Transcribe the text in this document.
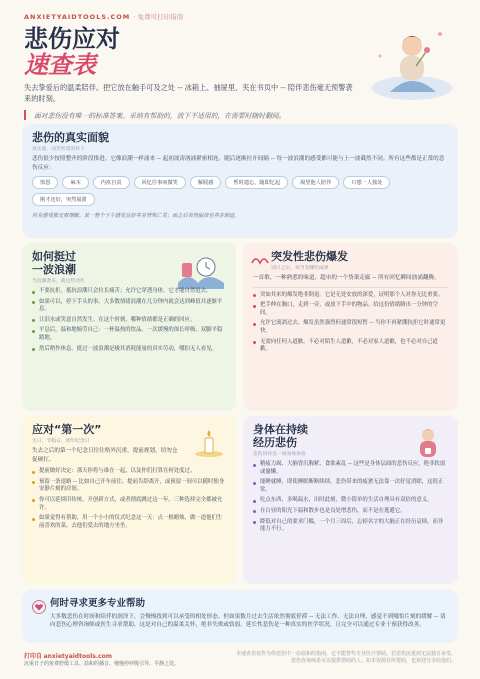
ANXIETYAIDTOOLS.COM · 免费可打印指南
悲伤应对
速查表
失去挚爱后的温柔陪伴。把它放在触手可及之处 -- 冰箱上、抽屉里、夹在书页中 -- 陪伴悲伤毫无预警袭来的时刻。
面对悲伤没有唯一的标准答案。采纳有帮助的，放下不适用的，在需要时随时翻阅。
悲伤的真实面貌
真实面，而非所需的样子
悲伤很少按照整齐的阶段推进。它像浪潮一样涌来 -- 起初波涛汹涌紧密相连，随后逐渐拉开间隔 -- 每一波浪潮的感受都可能与上一波截然不同。所有这些都是正常的悲伤反应：
愤怒	麻木	内疚自责	回忆往事而微笑	解脱感	暂时遗忘，随即忆起	渴望他人陪伴	只想一人独处
刚才还好，突然崩溃
所有感受都无需理解。某一整个下午感觉良好并非背叛亡灵；而之后突然崩溃也并非倒退。
如何挺过
一波浪潮
当浪潮袭来，就这些动作
不要抗拒。抵抗浪潮只会拉长痛苦；允许它穿透身体，它才能自然退去。
如果可以，停下手头的事。大多数情绪浪潮在几分钟内就会达到峰值并逐渐平息。
让泪水或笑意自然发生。在这个时刻，哪种情绪都是正确的回应。
平息后，温和地犒劳自己：一杯温热的饮品、一次缓慢的深长呼吸、双脚平稳踏地。
然后稍作休息。挺过一波浪潮是极其消耗能量的真实劳动，哪怕无人看见。
突发性悲伤爆发
别只之后，该当有哪些成果
一首歌、一种熟悉的味道、超市的一个货架走廊 -- 所有回忆瞬间汹涌翻腾。
突如其来的爆发绝非倒退。它是无处安放的深爱，证明那个人对你无比重要。
把手伸在胸口，走到一旁，或放下手中的物品。给这份情绪腾出一分钟的空间。
允许它流淌过去。爆发虽然强烈但通常很短暂 -- 当你不再紧绷抗拒它时通常更快。
无需向任何人道歉。不必对陌生人道歉，不必对家人道歉，也不必对自己道歉。
应对“第一次”
生日、节假日、周年纪念日
失去之后的第一个纪念日往往格外沉重。提前规划，切勿仓促硬扛。
提前做好决定：那天你将与谁在一起，以及你们打算在何处度过。
预留一条退路 -- 比如自己开车前往、提前告辞离开，或预留一间可以随时独身安静片刻的房间。
你可以延续旧传统、开创新方式，或者彻底跳过这一年。三种选择完全都被允许。
如果觉得有帮助，用一个小小的仪式纪念这一天：点一根蜡烛、做一道他们生前喜欢的菜，去他们爱去的地方坐坐。
身体在持续
经历悲伤
悲伤同样是一场身体体验
精疲力竭、大脑昏沉胸紧、食欲紊乱 -- 这些是身体层面的悲伤反应，绝非软弱或偷懒。
能睡就睡，即使睡眠断断续续。悲伤带来的疲惫无法靠一次好觉消除，这很正常。
吃点东西，多喝温水，出时此刻，微小简单的生活自理具有双倍的意义。
在白昼的阳光下温和散步也是良处增悲伤，而不是在逃避它。
降低对自己的要求门槛，一个月三周后，忘掉名字的大脑正在经历哀恸，而非能力不行。
何时寻求更多专业帮助
大多数悲伤在时间和陪伴的润泽下，会慢慢找到可以承受的相处形态。但如果数月过去生活依然彻底停滞 -- 无法工作、无法自理、感觉不到哪怕片刻的缓解 -- 请向悲伤心理咨询师或医生寻求帮助。这是对自己的温柔关怀，绝非失败或软弱。延长性悲伤是一种真实的医学状况，且完全可以通过专业干预获得改善。
打印自 anxietyaidtools.com
沉重日子的免费舒缓工具、温和的播音、慢慢停呼吸引导、平静之处。
本速查表仅作为你悲伤中一份温和的指南，它不能替代专业医疗帮助。若悲伤沉重到无法独自承受，悲伤咨询师是可以提供帮助的人；如本资源有所帮助，也欢迎分享给他们。
